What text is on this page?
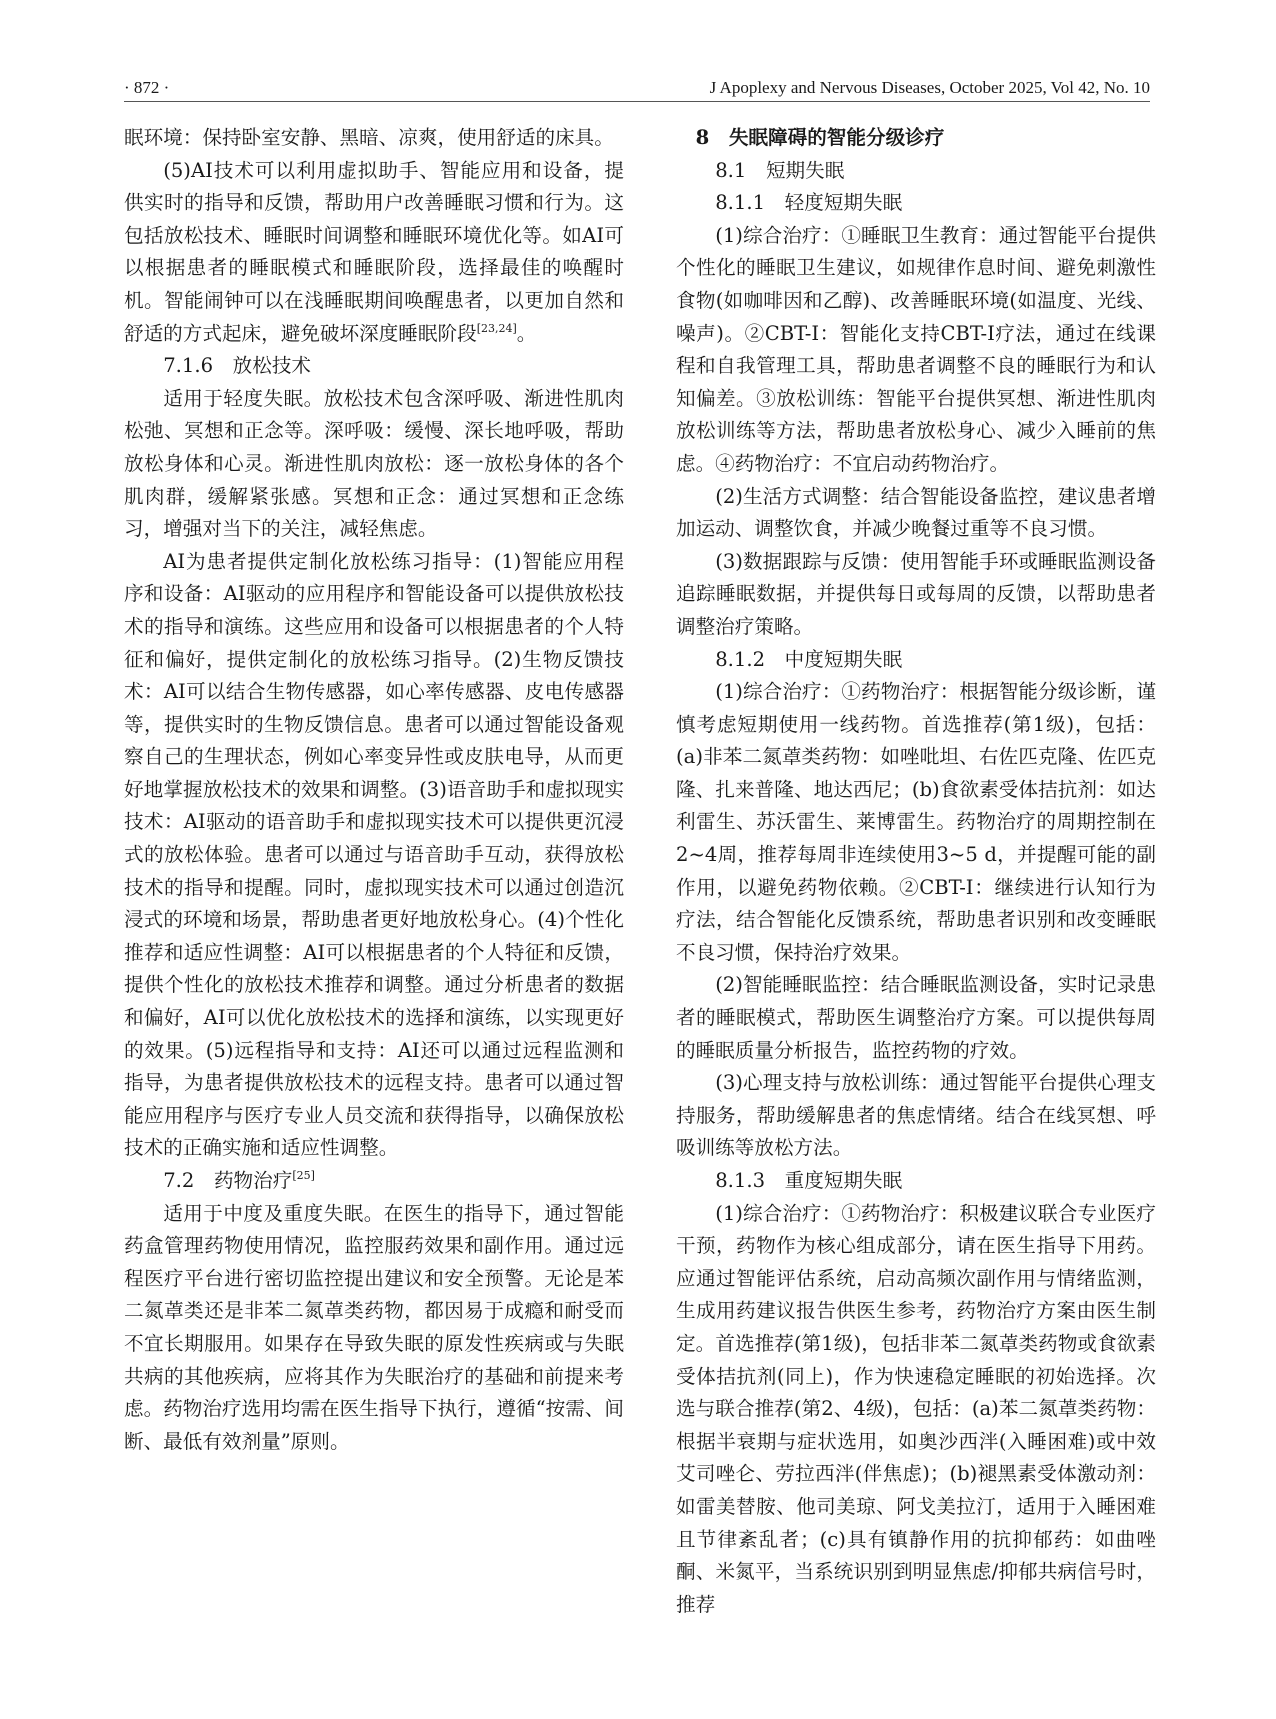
· 872 ·	J Apoplexy and Nervous Diseases, October 2025, Vol 42, No. 10

眠环境：保持卧室安静、黑暗、凉爽，使用舒适的床具。

(5)AI技术可以利用虚拟助手、智能应用和设备，提供实时的指导和反馈，帮助用户改善睡眠习惯和行为。这包括放松技术、睡眠时间调整和睡眠环境优化等。如AI可以根据患者的睡眠模式和睡眠阶段，选择最佳的唤醒时机。智能闹钟可以在浅睡眠期间唤醒患者，以更加自然和舒适的方式起床，避免破坏深度睡眠阶段[23,24]。

7.1.6　放松技术

适用于轻度失眠。放松技术包含深呼吸、渐进性肌肉松弛、冥想和正念等。深呼吸：缓慢、深长地呼吸，帮助放松身体和心灵。渐进性肌肉放松：逐一放松身体的各个肌肉群，缓解紧张感。冥想和正念：通过冥想和正念练习，增强对当下的关注，减轻焦虑。

AI为患者提供定制化放松练习指导：(1)智能应用程序和设备：AI驱动的应用程序和智能设备可以提供放松技术的指导和演练。这些应用和设备可以根据患者的个人特征和偏好，提供定制化的放松练习指导。(2)生物反馈技术：AI可以结合生物传感器，如心率传感器、皮电传感器等，提供实时的生物反馈信息。患者可以通过智能设备观察自己的生理状态，例如心率变异性或皮肤电导，从而更好地掌握放松技术的效果和调整。(3)语音助手和虚拟现实技术：AI驱动的语音助手和虚拟现实技术可以提供更沉浸式的放松体验。患者可以通过与语音助手互动，获得放松技术的指导和提醒。同时，虚拟现实技术可以通过创造沉浸式的环境和场景，帮助患者更好地放松身心。(4)个性化推荐和适应性调整：AI可以根据患者的个人特征和反馈，提供个性化的放松技术推荐和调整。通过分析患者的数据和偏好，AI可以优化放松技术的选择和演练，以实现更好的效果。(5)远程指导和支持：AI还可以通过远程监测和指导，为患者提供放松技术的远程支持。患者可以通过智能应用程序与医疗专业人员交流和获得指导，以确保放松技术的正确实施和适应性调整。

7.2　药物治疗[25]

适用于中度及重度失眠。在医生的指导下，通过智能药盒管理药物使用情况，监控服药效果和副作用。通过远程医疗平台进行密切监控提出建议和安全预警。无论是苯二氮䓬类还是非苯二氮䓬类药物，都因易于成瘾和耐受而不宜长期服用。如果存在导致失眠的原发性疾病或与失眠共病的其他疾病，应将其作为失眠治疗的基础和前提来考虑。药物治疗选用均需在医生指导下执行，遵循“按需、间断、最低有效剂量”原则。

8　失眠障碍的智能分级诊疗

8.1　短期失眠

8.1.1　轻度短期失眠

(1)综合治疗：①睡眠卫生教育：通过智能平台提供个性化的睡眠卫生建议，如规律作息时间、避免刺激性食物(如咖啡因和乙醇)、改善睡眠环境(如温度、光线、噪声)。②CBT-I：智能化支持CBT-I疗法，通过在线课程和自我管理工具，帮助患者调整不良的睡眠行为和认知偏差。③放松训练：智能平台提供冥想、渐进性肌肉放松训练等方法，帮助患者放松身心、减少入睡前的焦虑。④药物治疗：不宜启动药物治疗。

(2)生活方式调整：结合智能设备监控，建议患者增加运动、调整饮食，并减少晚餐过重等不良习惯。

(3)数据跟踪与反馈：使用智能手环或睡眠监测设备追踪睡眠数据，并提供每日或每周的反馈，以帮助患者调整治疗策略。

8.1.2　中度短期失眠

(1)综合治疗：①药物治疗：根据智能分级诊断，谨慎考虑短期使用一线药物。首选推荐(第1级)，包括：(a)非苯二氮䓬类药物：如唑吡坦、右佐匹克隆、佐匹克隆、扎来普隆、地达西尼；(b)食欲素受体拮抗剂：如达利雷生、苏沃雷生、莱博雷生。药物治疗的周期控制在2~4周，推荐每周非连续使用3~5 d，并提醒可能的副作用，以避免药物依赖。②CBT-I：继续进行认知行为疗法，结合智能化反馈系统，帮助患者识别和改变睡眠不良习惯，保持治疗效果。

(2)智能睡眠监控：结合睡眠监测设备，实时记录患者的睡眠模式，帮助医生调整治疗方案。可以提供每周的睡眠质量分析报告，监控药物的疗效。

(3)心理支持与放松训练：通过智能平台提供心理支持服务，帮助缓解患者的焦虑情绪。结合在线冥想、呼吸训练等放松方法。

8.1.3　重度短期失眠

(1)综合治疗：①药物治疗：积极建议联合专业医疗干预，药物作为核心组成部分，请在医生指导下用药。应通过智能评估系统，启动高频次副作用与情绪监测，生成用药建议报告供医生参考，药物治疗方案由医生制定。首选推荐(第1级)，包括非苯二氮䓬类药物或食欲素受体拮抗剂(同上)，作为快速稳定睡眠的初始选择。次选与联合推荐(第2、4级)，包括：(a)苯二氮䓬类药物：根据半衰期与症状选用，如奥沙西泮(入睡困难)或中效艾司唑仑、劳拉西泮(伴焦虑)；(b)褪黑素受体激动剂：如雷美替胺、他司美琼、阿戈美拉汀，适用于入睡困难且节律紊乱者；(c)具有镇静作用的抗抑郁药：如曲唑酮、米氮平，当系统识别到明显焦虑/抑郁共病信号时，推荐
